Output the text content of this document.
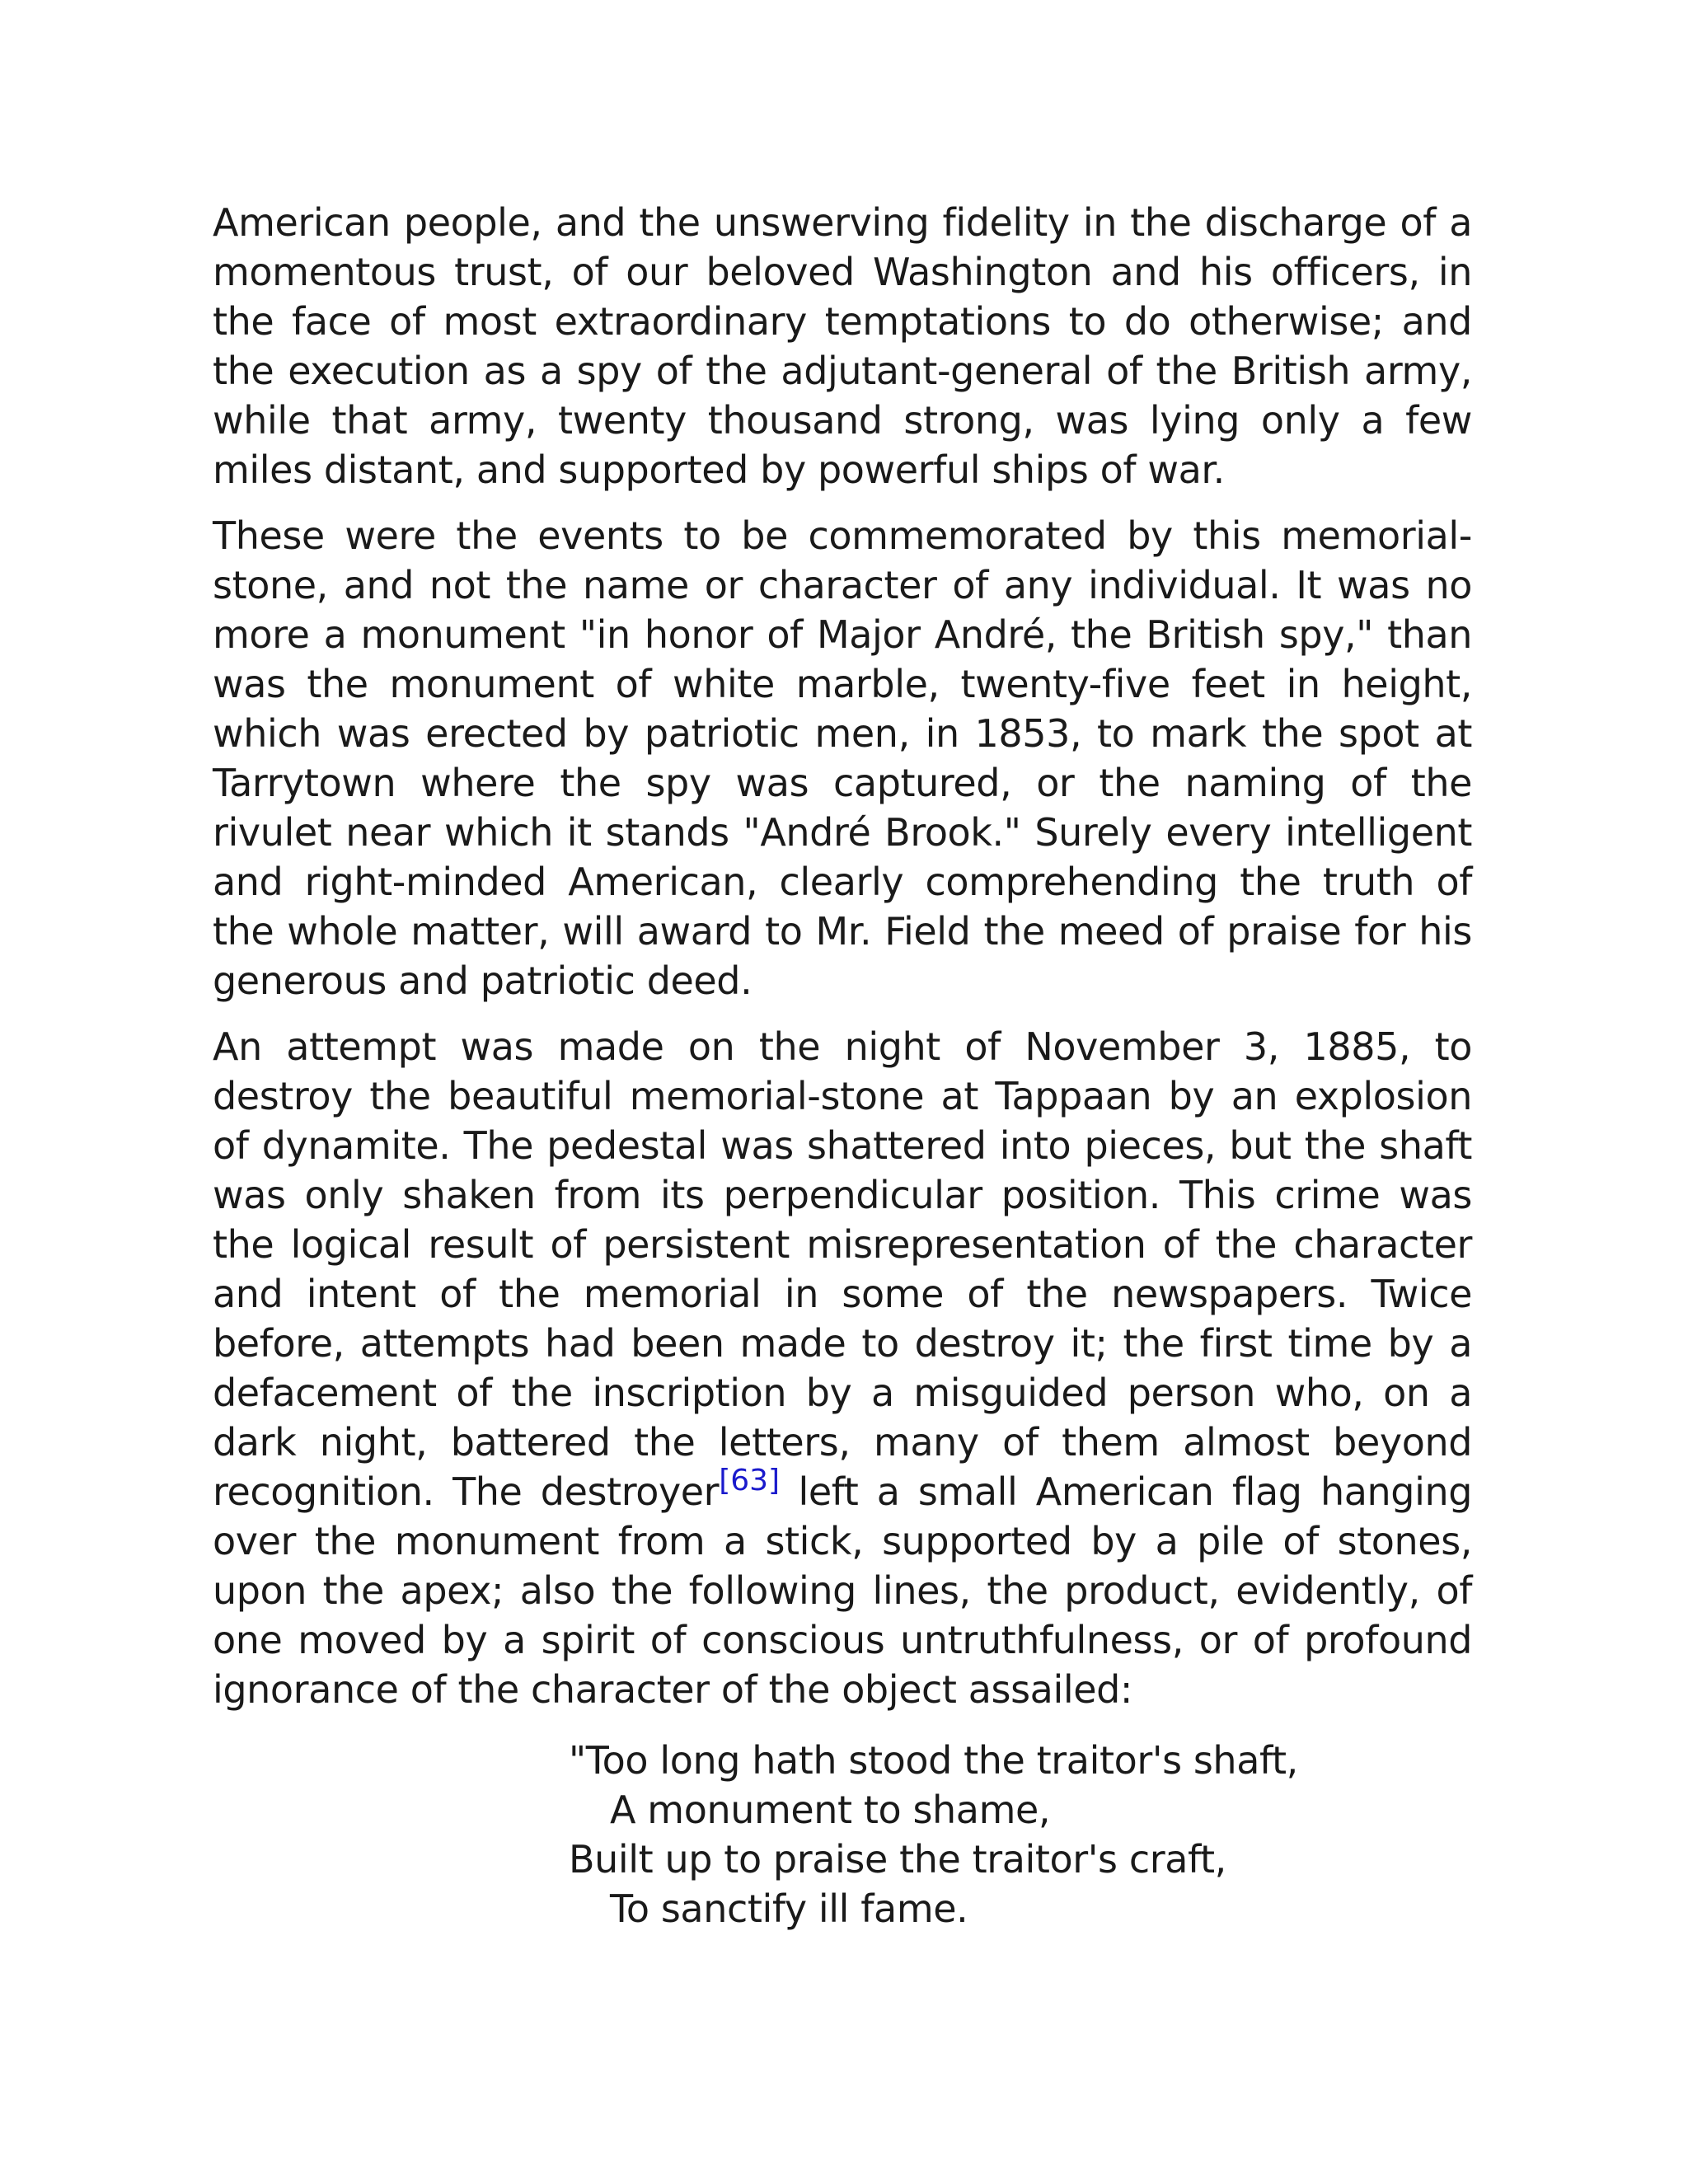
American people, and the unswerving fidelity in the discharge of a momentous trust, of our beloved Washington and his officers, in the face of most extraordinary temptations to do otherwise; and the execution as a spy of the adjutant-general of the British army, while that army, twenty thousand strong, was lying only a few miles distant, and supported by powerful ships of war.

These were the events to be commemorated by this memorial-stone, and not the name or character of any individual. It was no more a monument "in honor of Major André, the British spy," than was the monument of white marble, twenty-five feet in height, which was erected by patriotic men, in 1853, to mark the spot at Tarrytown where the spy was captured, or the naming of the rivulet near which it stands "André Brook." Surely every intelligent and right-minded American, clearly comprehending the truth of the whole matter, will award to Mr. Field the meed of praise for his generous and patriotic deed.

An attempt was made on the night of November 3, 1885, to destroy the beautiful memorial-stone at Tappaan by an explosion of dynamite. The pedestal was shattered into pieces, but the shaft was only shaken from its perpendicular position. This crime was the logical result of persistent misrepresentation of the character and intent of the memorial in some of the newspapers. Twice before, attempts had been made to destroy it; the first time by a defacement of the inscription by a misguided person who, on a dark night, battered the letters, many of them almost beyond recognition. The destroyer[63] left a small American flag hanging over the monument from a stick, supported by a pile of stones, upon the apex; also the following lines, the product, evidently, of one moved by a spirit of conscious untruthfulness, or of profound ignorance of the character of the object assailed:

"Too long hath stood the traitor's shaft,
A monument to shame,
Built up to praise the traitor's craft,
To sanctify ill fame.
